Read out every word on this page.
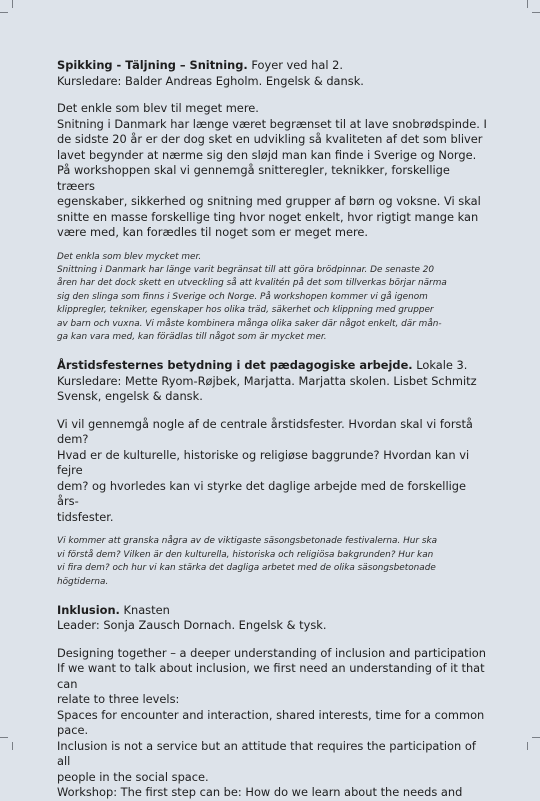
Spikking - Täljning – Snitning. Foyer ved hal 2.

Kursledare: Balder Andreas Egholm. Engelsk & dansk.

Det enkle som blev til meget mere.

Snitning i Danmark har længe været begrænset til at lave snobrødspinde. I

de sidste 20 år er der dog sket en udvikling så kvaliteten af det som bliver

lavet begynder at nærme sig den sløjd man kan finde i Sverige og Norge.

På workshoppen skal vi gennemgå snitteregler, teknikker, forskellige træers

egenskaber, sikkerhed og snitning med grupper af børn og voksne. Vi skal

snitte en masse forskellige ting hvor noget enkelt, hvor rigtigt mange kan

være med, kan forædles til noget som er meget mere.

Det enkla som blev mycket mer.

Snittning i Danmark har länge varit begränsat till att göra brödpinnar. De senaste 20

åren har det dock skett en utveckling så att kvalitén på det som tillverkas börjar närma

sig den slinga som finns i Sverige och Norge. På workshopen kommer vi gå igenom

klippregler, tekniker, egenskaper hos olika träd, säkerhet och klippning med grupper

av barn och vuxna. Vi måste kombinera många olika saker där något enkelt, där mån-

ga kan vara med, kan förädlas till något som är mycket mer.

Årstidsfesternes betydning i det pædagogiske arbejde. Lokale 3.

Kursledare: Mette Ryom-Røjbek, Marjatta. Marjatta skolen. Lisbet Schmitz

Svensk, engelsk & dansk.

Vi vil gennemgå nogle af de centrale årstidsfester. Hvordan skal vi forstå dem?

Hvad er de kulturelle, historiske og religiøse baggrunde? Hvordan kan vi fejre

dem? og hvorledes kan vi styrke det daglige arbejde med de forskellige års-

tidsfester.

Vi kommer att granska några av de viktigaste säsongsbetonade festivalerna. Hur ska

vi förstå dem? Vilken är den kulturella, historiska och religiösa bakgrunden? Hur kan

vi fira dem? och hur vi kan stärka det dagliga arbetet med de olika säsongsbetonade

högtiderna.

Inklusion. Knasten

Leader: Sonja Zausch Dornach. Engelsk & tysk.

Designing together – a deeper understanding of inclusion and participation

If we want to talk about inclusion, we first need an understanding of it that can

relate to three levels:

Spaces for encounter and interaction, shared interests, time for a common

pace.

Inclusion is not a service but an attitude that requires the participation of all

people in the social space.

Workshop: The first step can be: How do we learn about the needs and
